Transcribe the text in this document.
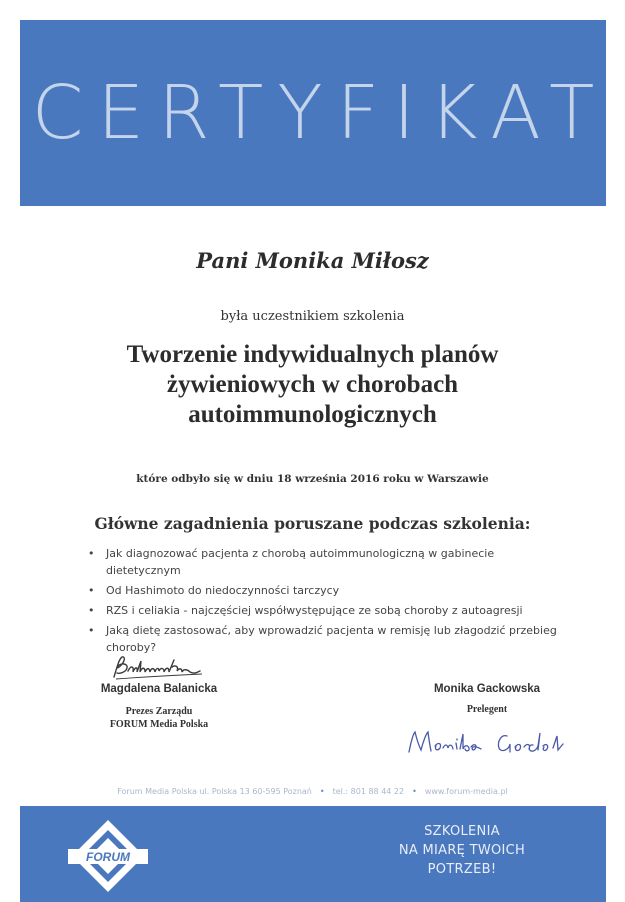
CERTYFIKAT
Pani Monika Miłosz
była uczestnikiem szkolenia
Tworzenie indywidualnych planów
żywieniowych w chorobach
autoimmunologicznych
które odbyło się w dniu 18 września 2016 roku w Warszawie
Główne zagadnienia poruszane podczas szkolenia:
• Jak diagnozować pacjenta z chorobą autoimmunologiczną w gabinecie dietetycznym
• Od Hashimoto do niedoczynności tarczycy
• RZS i celiakia - najczęściej współwystępujące ze sobą choroby z autoagresji
• Jaką dietę zastosować, aby wprowadzić pacjenta w remisję lub złagodzić przebieg choroby?
Magdalena Balanicka
Prezes Zarządu
FORUM Media Polska
Monika Gackowska
Prelegent
Forum Media Polska ul. Polska 13 60-595 Poznań • tel.: 801 88 44 22 • www.forum-media.pl
FORUM
SZKOLENIA
NA MIARĘ TWOICH
POTRZEB!
